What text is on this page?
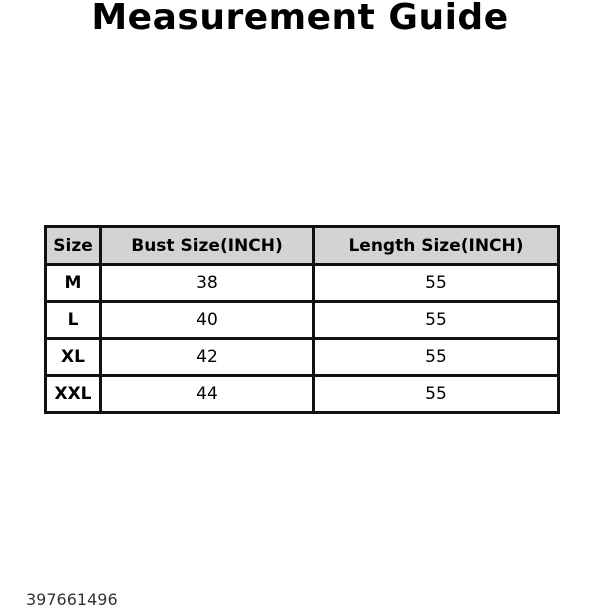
Measurement Guide
Size	Bust Size(INCH)	Length Size(INCH)
M	38	55
L	40	55
XL	42	55
XXL	44	55
397661496
